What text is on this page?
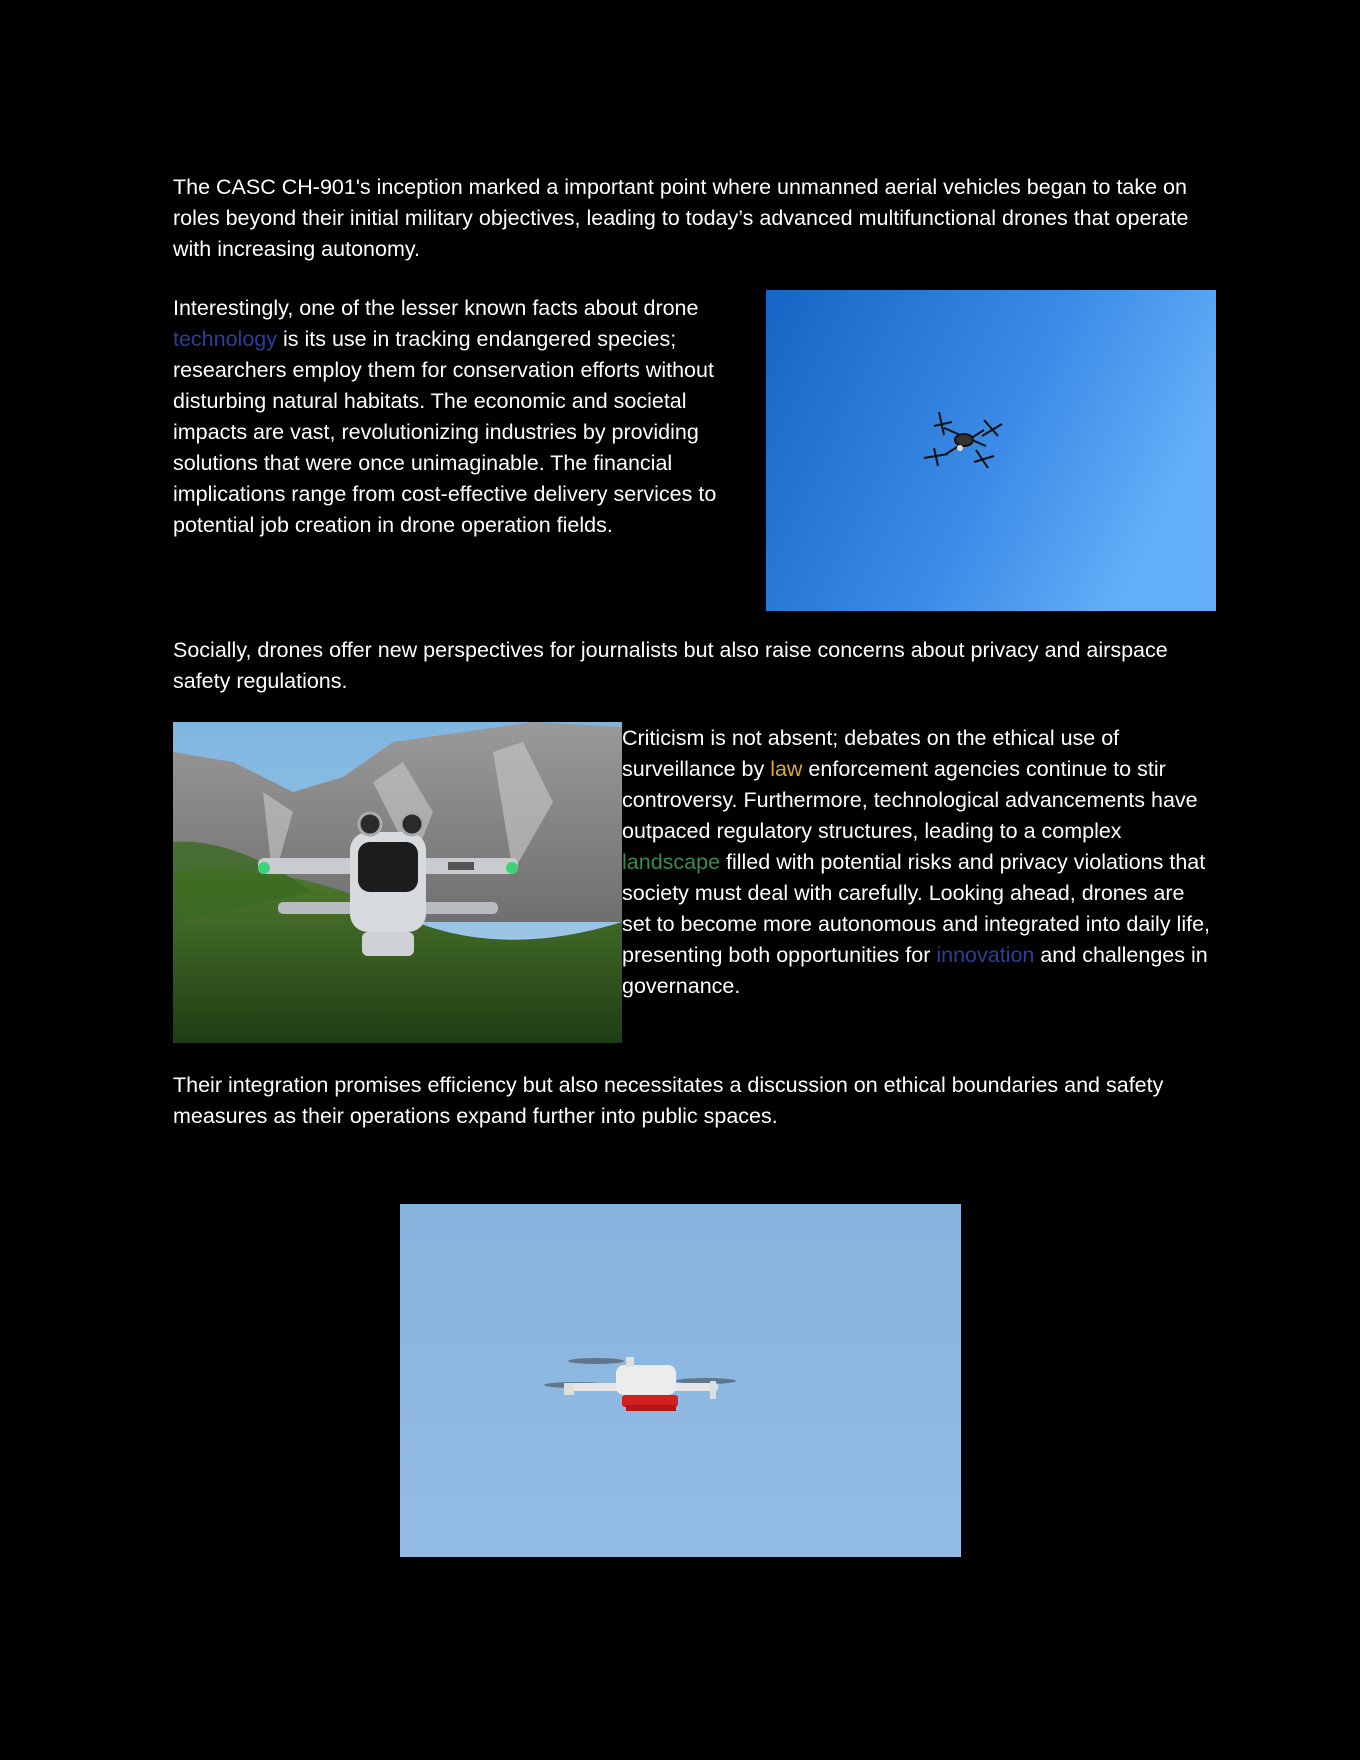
The CASC CH-901's inception marked a important point where unmanned aerial vehicles began to take on roles beyond their initial military objectives, leading to today’s advanced multifunctional drones that operate with increasing autonomy.

Interestingly, one of the lesser known facts about drone technology is its use in tracking endangered species; researchers employ them for conservation efforts without disturbing natural habitats. The economic and societal impacts are vast, revolutionizing industries by providing solutions that were once unimaginable. The financial implications range from cost-effective delivery services to potential job creation in drone operation fields.

Socially, drones offer new perspectives for journalists but also raise concerns about privacy and airspace safety regulations.

Criticism is not absent; debates on the ethical use of surveillance by law enforcement agencies continue to stir controversy. Furthermore, technological advancements have outpaced regulatory structures, leading to a complex landscape filled with potential risks and privacy violations that society must deal with carefully. Looking ahead, drones are set to become more autonomous and integrated into daily life, presenting both opportunities for innovation and challenges in governance.

Their integration promises efficiency but also necessitates a discussion on ethical boundaries and safety measures as their operations expand further into public spaces.
